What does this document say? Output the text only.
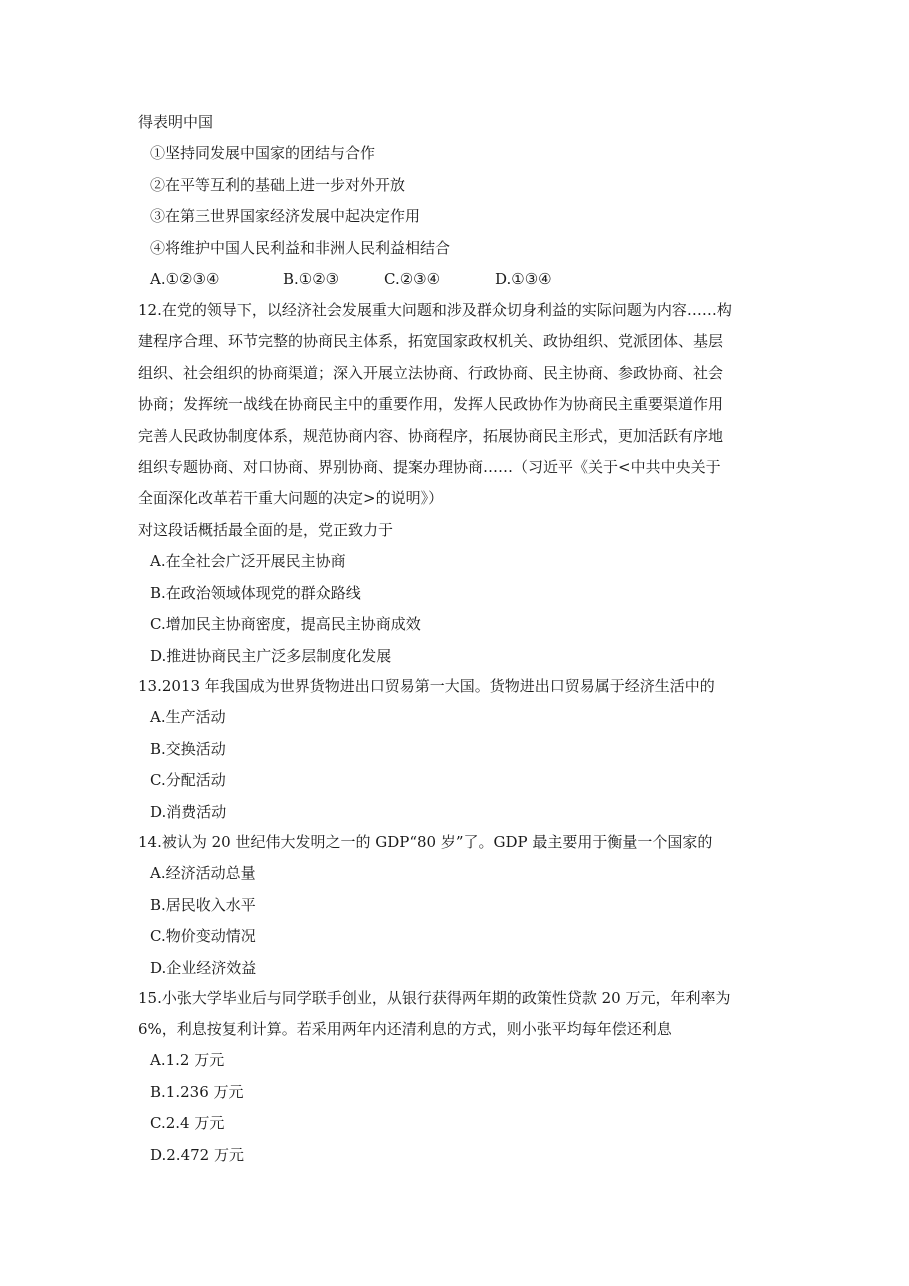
得表明中国
①坚持同发展中国家的团结与合作
②在平等互利的基础上进一步对外开放
③在第三世界国家经济发展中起决定作用
④将维护中国人民利益和非洲人民利益相结合
A.①②③④	B.①②③	C.②③④	D.①③④
12.在党的领导下，以经济社会发展重大问题和涉及群众切身利益的实际问题为内容……构
建程序合理、环节完整的协商民主体系，拓宽国家政权机关、政协组织、党派团体、基层
组织、社会组织的协商渠道；深入开展立法协商、行政协商、民主协商、参政协商、社会
协商；发挥统一战线在协商民主中的重要作用，发挥人民政协作为协商民主重要渠道作用
完善人民政协制度体系，规范协商内容、协商程序，拓展协商民主形式，更加活跃有序地
组织专题协商、对口协商、界别协商、提案办理协商……（习近平《关于<中共中央关于
全面深化改革若干重大问题的决定>的说明》）
对这段话概括最全面的是，党正致力于
A.在全社会广泛开展民主协商
B.在政治领域体现党的群众路线
C.增加民主协商密度，提高民主协商成效
D.推进协商民主广泛多层制度化发展
13.2013 年我国成为世界货物进出口贸易第一大国。货物进出口贸易属于经济生活中的
A.生产活动
B.交换活动
C.分配活动
D.消费活动
14.被认为 20 世纪伟大发明之一的 GDP“80 岁”了。GDP 最主要用于衡量一个国家的
A.经济活动总量
B.居民收入水平
C.物价变动情况
D.企业经济效益
15.小张大学毕业后与同学联手创业，从银行获得两年期的政策性贷款 20 万元，年利率为
6%，利息按复利计算。若采用两年内还清利息的方式，则小张平均每年偿还利息
A.1.2 万元
B.1.236 万元
C.2.4 万元
D.2.472 万元
